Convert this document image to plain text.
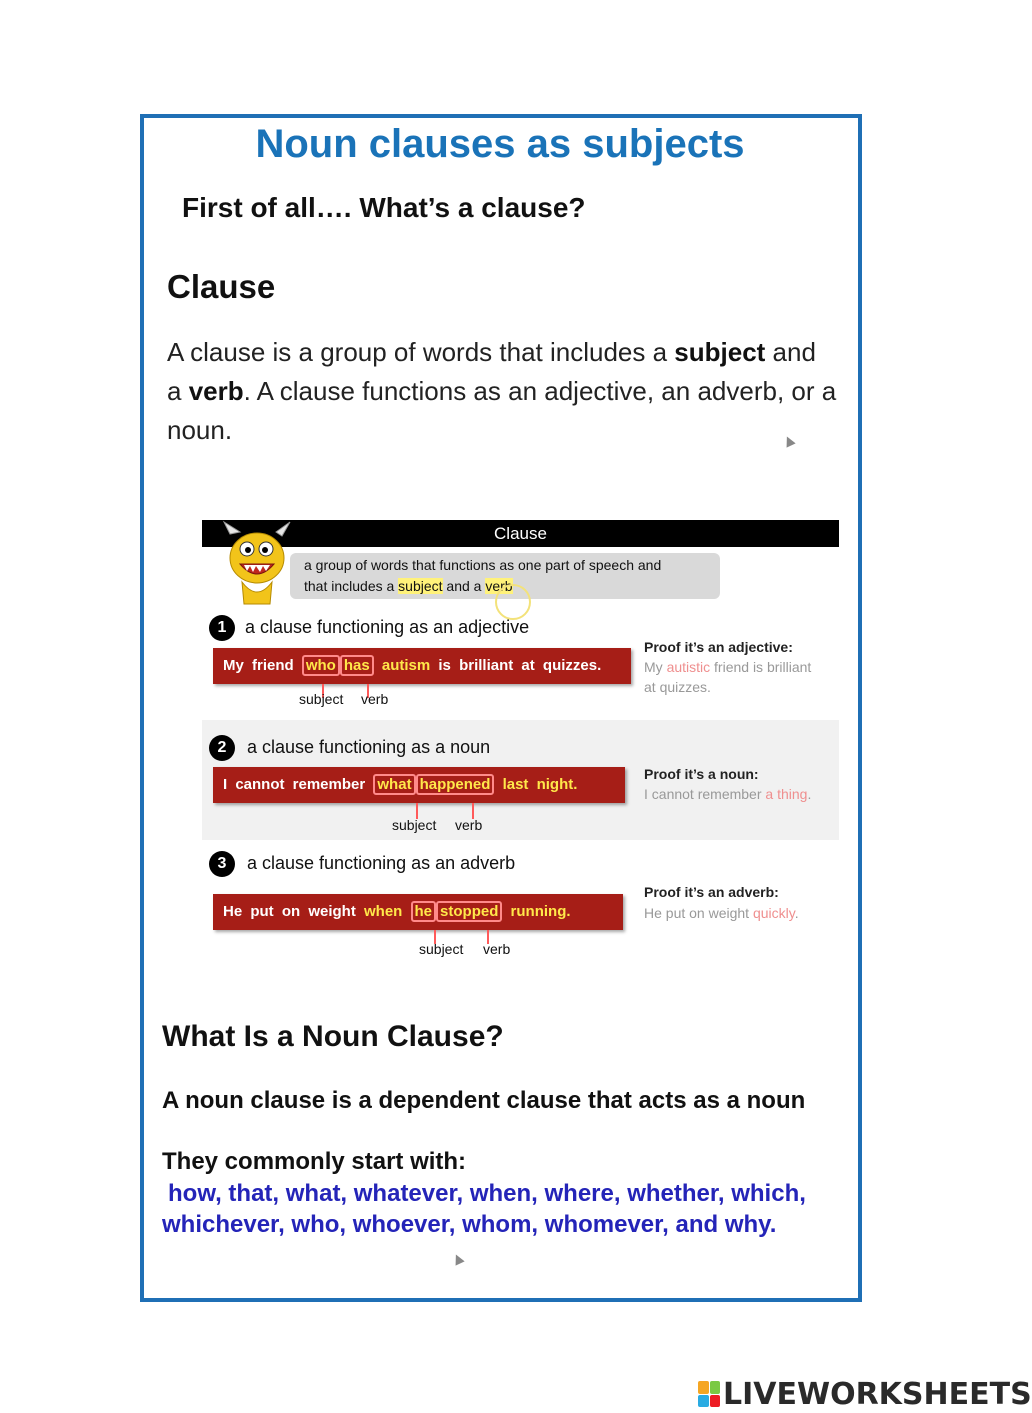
Noun clauses as subjects
First of all…. What’s a clause?
Clause
A clause is a group of words that includes a subject and a verb. A clause functions as an adjective, an adverb, or a noun.
Clause
a group of words that functions as one part of speech and
that includes a subject and a verb
1	a clause functioning as an adjective
My friend who has autism is brilliant at quizzes.
subject verb
Proof it’s an adjective:
My autistic friend is brilliant
at quizzes.
2	a clause functioning as a noun
I cannot remember what happened last night.
subject verb
Proof it’s a noun:
I cannot remember a thing.
3	a clause functioning as an adverb
He put on weight when he stopped running.
subject verb
Proof it’s an adverb:
He put on weight quickly.
What Is a Noun Clause?
A noun clause is a dependent clause that acts as a noun
They commonly start with:
how, that, what, whatever, when, where, whether, which,
whichever, who, whoever, whom, whomever, and why.
LIVEWORKSHEETS
